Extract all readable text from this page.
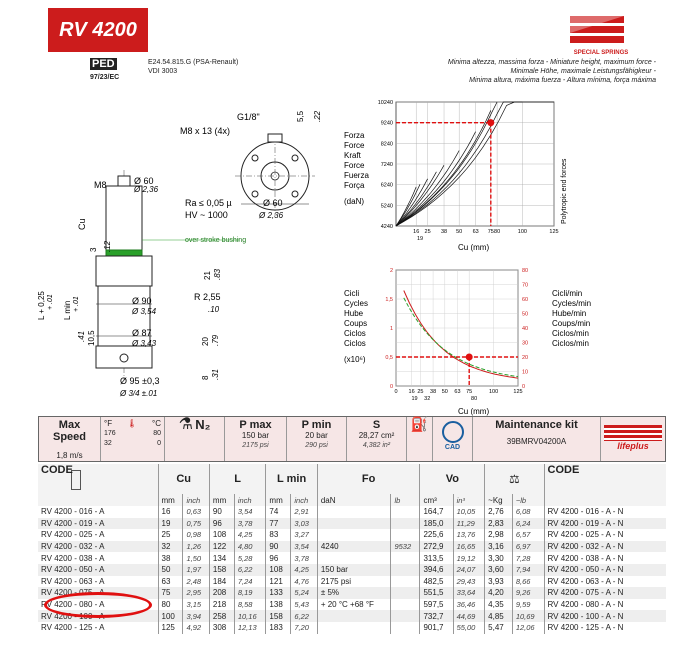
RV 4200
SPECIAL SPRINGS
PED
97/23/EC
E24.54.815.G (PSA-Renault)
VDI 3003
Minima altezza, massima forza - Miniature height, maximum force -
Minimale Höhe, maximale Leistungsfähigkeur -
Minima altura, máxima fuerza - Altura mínima, força máxima
G1/8"
M8 x 13 (4x)
5,5 .22
Ø 60
Ø 2,36
M8	Ø 60
Ø 2,36
Ra ≤ 0,05 µ
HV ~ 1000
over stroke bushing
Cu
3 .12
21 .83
L + 0,25 + .01 L min + .01	Ø 90
Ø 3,54
R 2,55
.10
Ø 87
Ø 3,43
10,5
.41	20 .79
Ø 95 ±0,3
Ø 3/4 ±.01
8 .31
Forza
Force
Kraft
Force
Fuerza
Força
(daN)	Polytropic end forces
Cu (mm)
4240
5240
6240
7240
8240
9240
10240
16 25 38 50 63 75 80	100	125
19
Cicli
Cycles
Hube
Coups
Ciclos
Ciclos
(x10⁶)
Cicli/min
Cycles/min
Hube/min
Coups/min
Ciclos/min
Ciclos/min
Cu (mm)
0
0,5
1
1,5
2
0
10
20
30
40
50
60
70
80
0 16 25 38 50 63 75	100	125
19 32	80
Max Speed
1,8 m/s
°F 🌡 °C
176	80
32	0
⚗ N₂	P max
150 bar
2175 psi
P min
20 bar
290 psi
S
28,27 cm²
4,382 in²
⛽
CAD
Maintenance kit
39BMRV04200A	lifeplus
CODE	Cu		L		L min		Fo		Vo		⚖		CODE
	mm	inch	mm	inch	mm	inch	daN	lb	cm³	in³	~Kg	~lb	
RV 4200 - 016 - A	16	0,63	90	3,54	74	2,91			164,7	10,05	2,76	6,08	RV 4200 - 016 - A - N
RV 4200 - 019 - A	19	0,75	96	3,78	77	3,03			185,0	11,29	2,83	6,24	RV 4200 - 019 - A - N
RV 4200 - 025 - A	25	0,98	108	4,25	83	3,27			225,6	13,76	2,98	6,57	RV 4200 - 025 - A - N
RV 4200 - 032 - A	32	1,26	122	4,80	90	3,54	4240	9532	272,9	16,65	3,16	6,97	RV 4200 - 032 - A - N
RV 4200 - 038 - A	38	1,50	134	5,28	96	3,78			313,5	19,12	3,30	7,28	RV 4200 - 038 - A - N
RV 4200 - 050 - A	50	1,97	158	6,22	108	4,25	150 bar		394,6	24,07	3,60	7,94	RV 4200 - 050 - A - N
RV 4200 - 063 - A	63	2,48	184	7,24	121	4,76	2175 psi		482,5	29,43	3,93	8,66	RV 4200 - 063 - A - N
RV 4200 - 075 - A	75	2,95	208	8,19	133	5,24	± 5%		551,5	33,64	4,20	9,26	RV 4200 - 075 - A - N
RV 4200 - 080 - A	80	3,15	218	8,58	138	5,43	+ 20 °C +68 °F		597,5	36,46	4,35	9,59	RV 4200 - 080 - A - N
RV 4200 - 100 - A	100	3,94	258	10,16	158	6,22			732,7	44,69	4,85	10,69	RV 4200 - 100 - A - N
RV 4200 - 125 - A	125	4,92	308	12,13	183	7,20			901,7	55,00	5,47	12,06	RV 4200 - 125 - A - N
